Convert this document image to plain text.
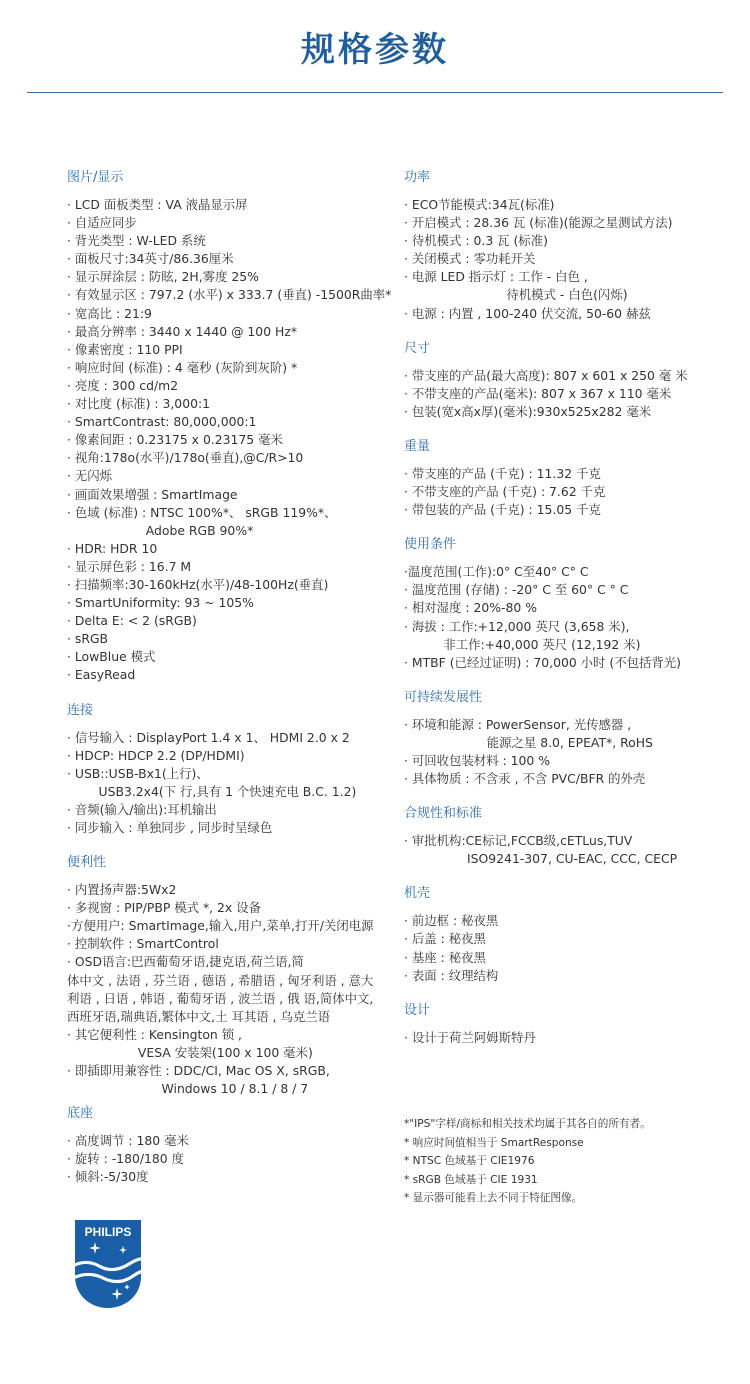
规格参数
图片/显示
· LCD 面板类型 : VA 液晶显示屏
· 自适应同步
· 背光类型 : W-LED 系统
· 面板尺寸:34英寸/86.36厘米
· 显示屏涂层 : 防眩, 2H,雾度 25%
· 有效显示区 : 797.2 (水平) x 333.7 (垂直) -1500R曲率*
· 宽高比 : 21:9
· 最高分辨率 : 3440 x 1440 @ 100 Hz*
· 像素密度 : 110 PPI
· 响应时间 (标准) : 4 毫秒 (灰阶到灰阶) *
· 亮度 : 300 cd/m2
· 对比度 (标准) : 3,000:1
· SmartContrast: 80,000,000:1
· 像素间距 : 0.23175 x 0.23175 毫米
· 视角:178o(水平)/178o(垂直),@C/R>10
· 无闪烁
· 画面效果增强 : SmartImage
· 色域 (标准) : NTSC 100%*、 sRGB 119%*、
Adobe RGB 90%*
· HDR: HDR 10
· 显示屏色彩 : 16.7 M
· 扫描频率:30-160kHz(水平)/48-100Hz(垂直)
· SmartUniformity: 93 ~ 105%
· Delta E: < 2 (sRGB)
· sRGB
· LowBlue 模式
· EasyRead
连接
· 信号输入 : DisplayPort 1.4 x 1、 HDMI 2.0 x 2
· HDCP: HDCP 2.2 (DP/HDMI)
· USB::USB-Bx1(上行)、
USB3.2x4(下 行,具有 1 个快速充电 B.C. 1.2)
· 音频(输入/输出):耳机输出
· 同步输入 : 单独同步 , 同步时呈绿色
便利性
· 内置扬声器:5Wx2
· 多视窗 : PIP/PBP 模式 *, 2x 设备
·方便用户: SmartImage,输入,用户,菜单,打开/关闭电源
· 控制软件 : SmartControl
· OSD语言:巴西葡萄牙语,捷克语,荷兰语,简
体中文 , 法语 , 芬兰语 , 德语 , 希腊语 , 匈牙利语 , 意大
利语 , 日语 , 韩语 , 葡萄牙语 , 波兰语 , 俄 语,简体中文,
西班牙语,瑞典语,繁体中文,土 耳其语 , 乌克兰语
· 其它便利性 : Kensington 锁 ,
VESA 安装架(100 x 100 毫米)
· 即插即用兼容性 : DDC/CI, Mac OS X, sRGB,
Windows 10 / 8.1 / 8 / 7
底座
· 高度调节 : 180 毫米
· 旋转 : -180/180 度
· 倾斜:-5/30度
功率
· ECO节能模式:34瓦(标准)
· 开启模式 : 28.36 瓦 (标准)(能源之星测试方法)
· 待机模式 : 0.3 瓦 (标准)
· 关闭模式 : 零功耗开关
· 电源 LED 指示灯 : 工作 - 白色 ,
待机模式 - 白色(闪烁)
· 电源 : 内置 , 100-240 伏交流, 50-60 赫兹
尺寸
· 带支座的产品(最大高度): 807 x 601 x 250 毫 米
· 不带支座的产品(毫米): 807 x 367 x 110 毫米
· 包装(宽x高x厚)(毫米):930x525x282 毫米
重量
· 带支座的产品 (千克) : 11.32 千克
· 不带支座的产品 (千克) : 7.62 千克
· 带包装的产品 (千克) : 15.05 千克
使用条件
·温度范围(工作):0° C至40° C° C
· 温度范围 (存储) : -20° C 至 60° C ° C
· 相对湿度 : 20%-80 %
· 海拔 : 工作:+12,000 英尺 (3,658 米),
非工作:+40,000 英尺 (12,192 米)
· MTBF (已经过证明) : 70,000 小时 (不包括背光)
可持续发展性
· 环境和能源 : PowerSensor, 光传感器 ,
能源之星 8.0, EPEAT*, RoHS
· 可回收包装材料 : 100 %
· 具体物质 : 不含汞 , 不含 PVC/BFR 的外壳
合规性和标准
· 审批机构:CE标记,FCCB级,cETLus,TUV
ISO9241-307, CU-EAC, CCC, CECP
机壳
· 前边框 : 秘夜黑
· 后盖 : 秘夜黑
· 基座 : 秘夜黑
· 表面 : 纹理结构
设计
· 设计于荷兰阿姆斯特丹
*"IPS"字样/商标和相关技术均属于其各自的所有者。
* 响应时间值相当于 SmartResponse
* NTSC 色域基于 CIE1976
* sRGB 色域基于 CIE 1931
* 显示器可能看上去不同于特征图像。
PHILIPS
